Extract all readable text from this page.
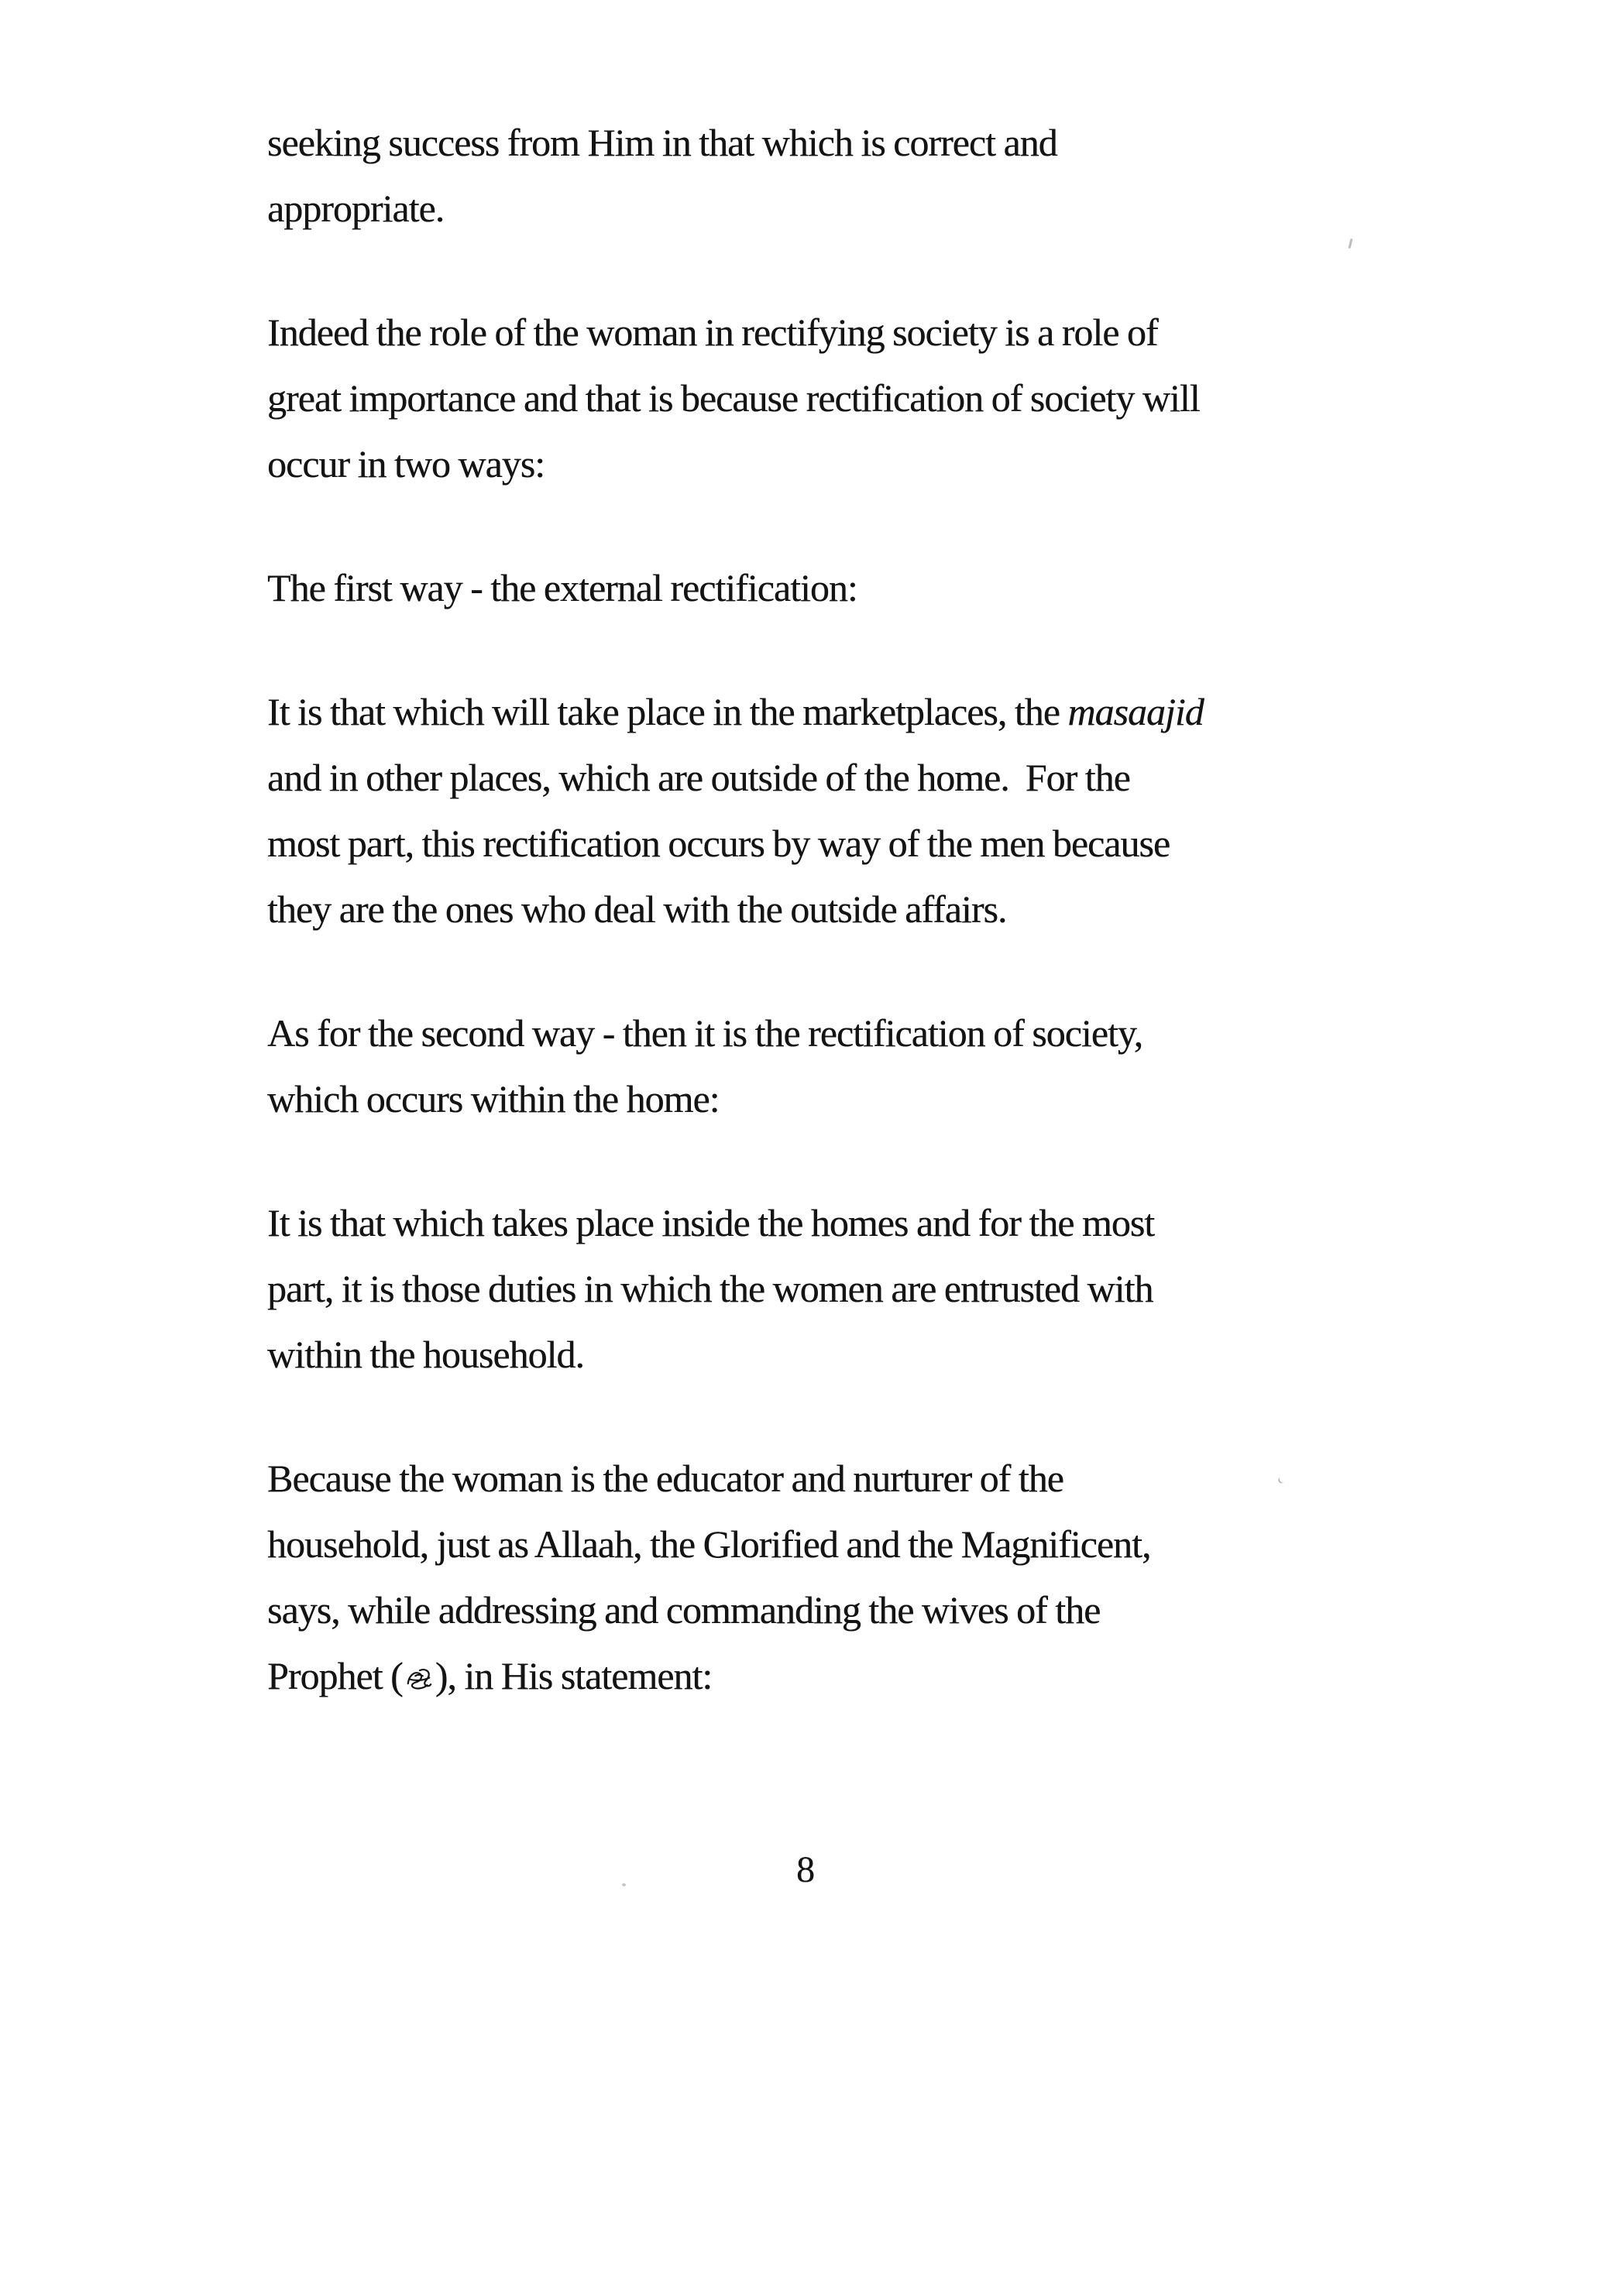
seeking success from Him in that which is correct and
appropriate.

Indeed the role of the woman in rectifying society is a role of
great importance and that is because rectification of society will
occur in two ways:

The first way - the external rectification:

It is that which will take place in the marketplaces, the masaajid
and in other places, which are outside of the home.  For the
most part, this rectification occurs by way of the men because
they are the ones who deal with the outside affairs.

As for the second way - then it is the rectification of society,
which occurs within the home:

It is that which takes place inside the homes and for the most
part, it is those duties in which the women are entrusted with
within the household.

Because the woman is the educator and nurturer of the
household, just as Allaah, the Glorified and the Magnificent,
says, while addressing and commanding the wives of the
Prophet ( ), in His statement:

8
